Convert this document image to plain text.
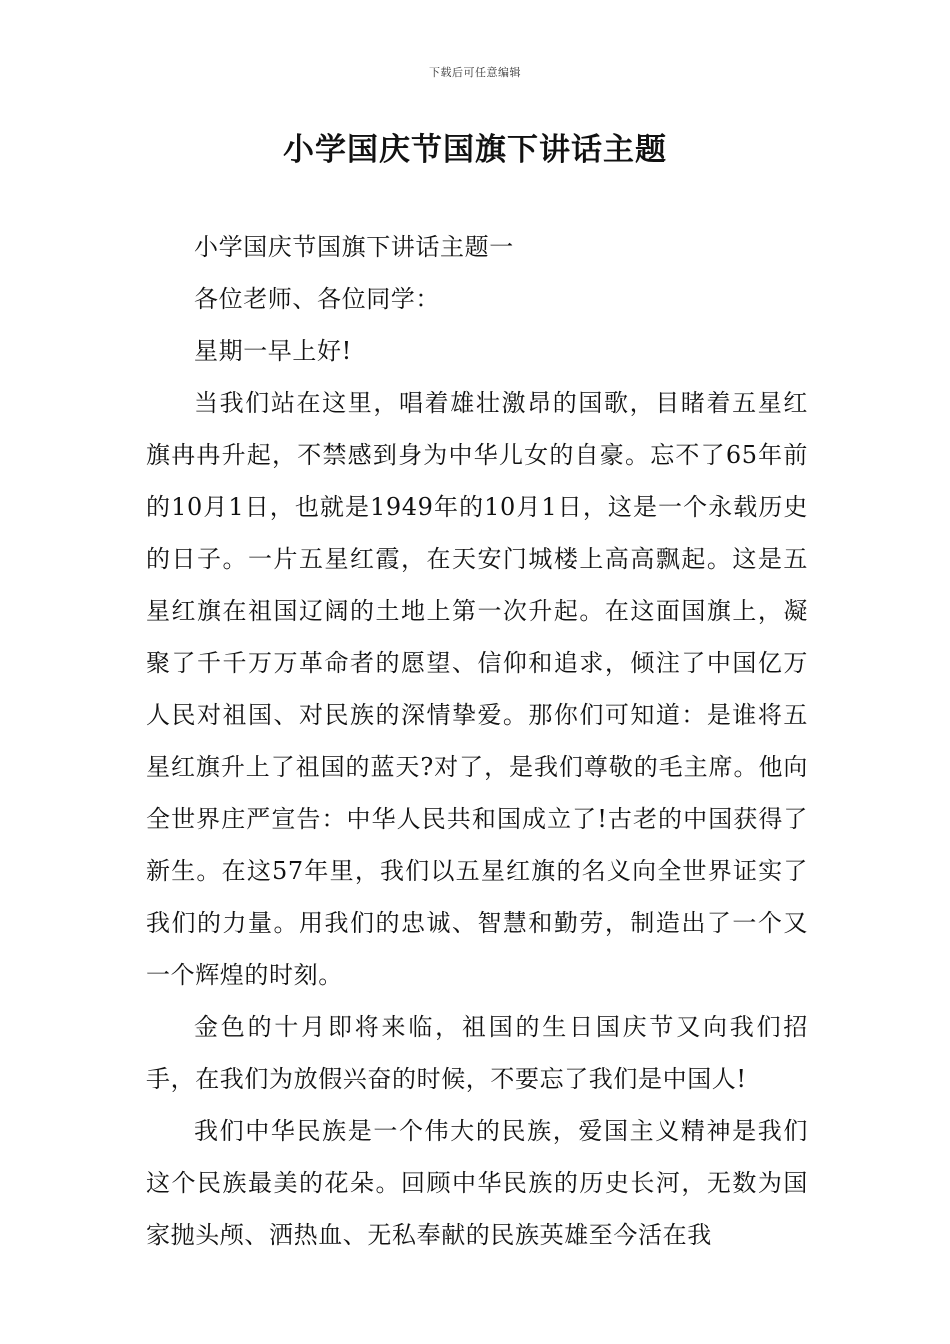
下载后可任意编辑
小学国庆节国旗下讲话主题

小学国庆节国旗下讲话主题一

各位老师、各位同学：

星期一早上好!

当我们站在这里，唱着雄壮激昂的国歌，目睹着五星红旗冉冉升起，不禁感到身为中华儿女的自豪。忘不了65年前的10月1日，也就是1949年的10月1日，这是一个永载历史的日子。一片五星红霞，在天安门城楼上高高飘起。这是五星红旗在祖国辽阔的土地上第一次升起。在这面国旗上，凝聚了千千万万革命者的愿望、信仰和追求，倾注了中国亿万人民对祖国、对民族的深情挚爱。那你们可知道：是谁将五星红旗升上了祖国的蓝天?对了，是我们尊敬的毛主席。他向全世界庄严宣告：中华人民共和国成立了!古老的中国获得了新生。在这57年里，我们以五星红旗的名义向全世界证实了我们的力量。用我们的忠诚、智慧和勤劳，制造出了一个又一个辉煌的时刻。

金色的十月即将来临，祖国的生日国庆节又向我们招手，在我们为放假兴奋的时候，不要忘了我们是中国人!

我们中华民族是一个伟大的民族，爱国主义精神是我们这个民族最美的花朵。回顾中华民族的历史长河，无数为国家抛头颅、洒热血、无私奉献的民族英雄至今活在我
